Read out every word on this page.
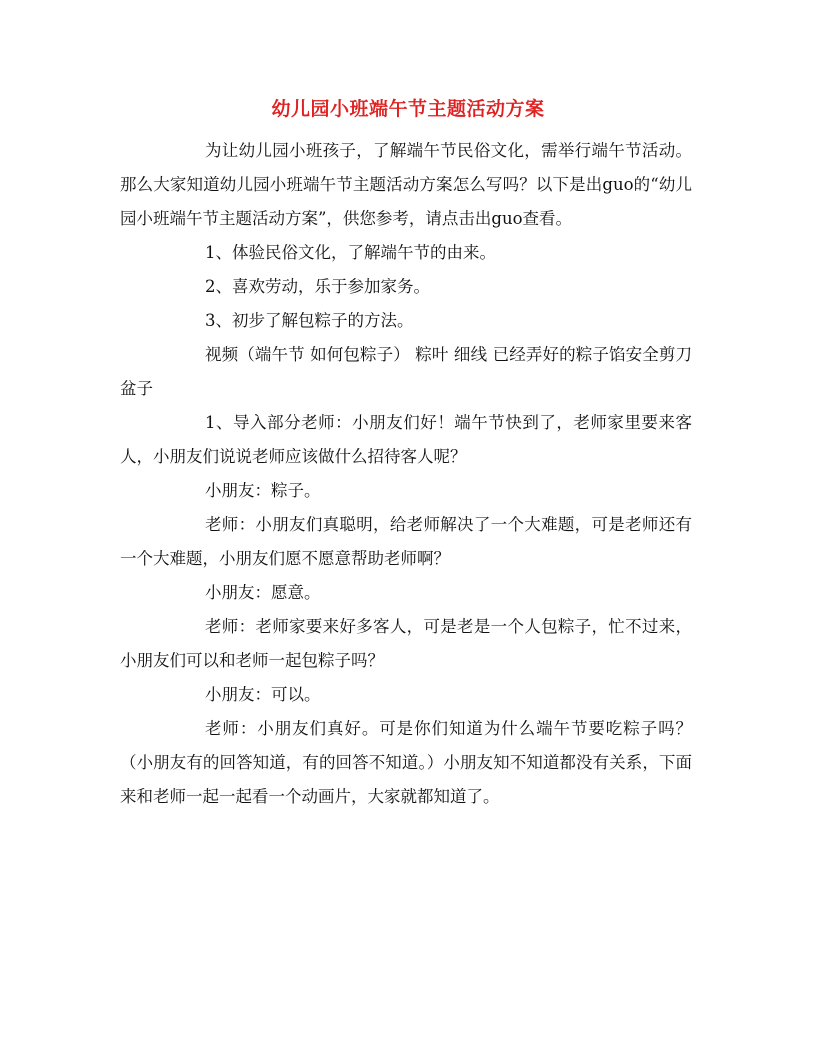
幼儿园小班端午节主题活动方案

为让幼儿园小班孩子，了解端午节民俗文化，需举行端午节活动。那么大家知道幼儿园小班端午节主题活动方案怎么写吗？以下是出guo的“幼儿园小班端午节主题活动方案”，供您参考，请点击出guo查看。

1、体验民俗文化，了解端午节的由来。

2、喜欢劳动，乐于参加家务。

3、初步了解包粽子的方法。

视频（端午节 如何包粽子） 粽叶 细线 已经弄好的粽子馅安全剪刀 盆子

1、导入部分老师：小朋友们好！端午节快到了，老师家里要来客人，小朋友们说说老师应该做什么招待客人呢？

小朋友：粽子。

老师：小朋友们真聪明，给老师解决了一个大难题，可是老师还有一个大难题，小朋友们愿不愿意帮助老师啊？

小朋友：愿意。

老师：老师家要来好多客人，可是老是一个人包粽子，忙不过来，小朋友们可以和老师一起包粽子吗？

小朋友：可以。

老师：小朋友们真好。可是你们知道为什么端午节要吃粽子吗？（小朋友有的回答知道，有的回答不知道。）小朋友知不知道都没有关系，下面来和老师一起一起看一个动画片，大家就都知道了。
